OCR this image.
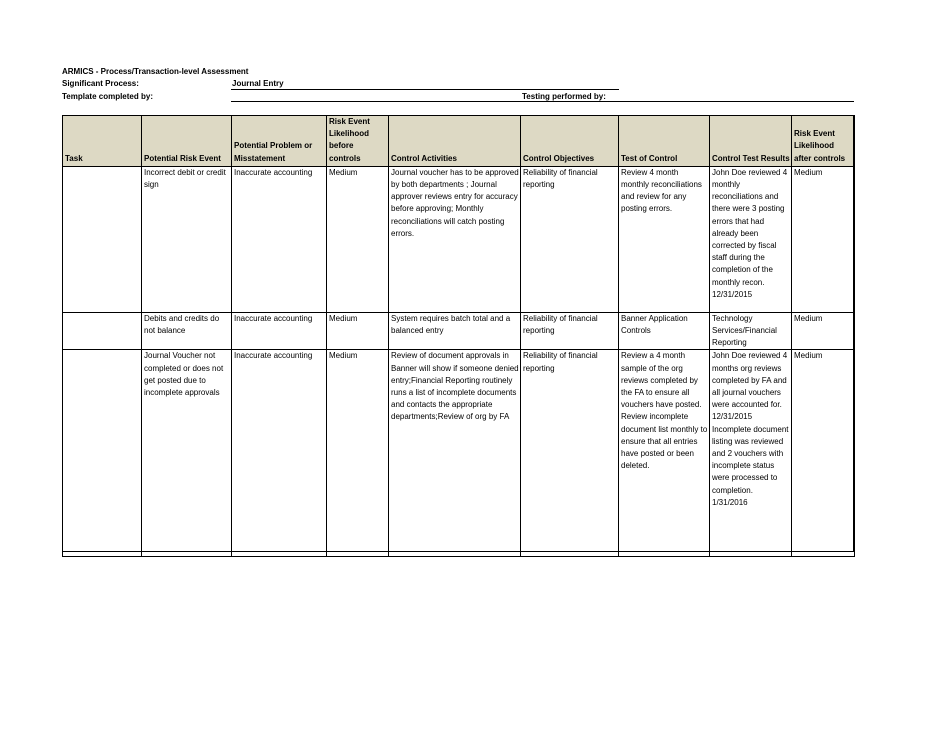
ARMICS - Process/Transaction-level Assessment
Significant Process:	Journal Entry
Template completed by:	Testing performed by:
Task	Potential Risk Event	Potential Problem or Misstatement	Risk Event Likelihood before controls	Control Activities	Control Objectives	Test of Control	Control Test Results	Risk Event Likelihood after controls
	Incorrect debit or credit sign	Inaccurate accounting	Medium	Journal voucher has to be approved by both departments ; Journal approver reviews entry for accuracy before approving; Monthly reconciliations will catch posting errors.	Reliability of financial reporting	Review 4 month monthly reconciliations and review for any posting errors.	John Doe reviewed 4 monthly reconciliations and there were 3 posting errors that had already been corrected by fiscal staff during the completion of the monthly recon. 12/31/2015	Medium
	Debits and credits do not balance	Inaccurate accounting	Medium	System requires batch total and a balanced entry	Reliability of financial reporting	Banner Application Controls	Technology Services/Financial Reporting	Medium
	Journal Voucher not completed or does not get posted due to incomplete approvals	Inaccurate accounting	Medium	Review of document approvals in Banner will show if someone denied entry;Financial Reporting routinely runs a list of incomplete documents and contacts the appropriate departments;Review of org by FA	Reliability of financial reporting	Review a 4 month sample of the org reviews completed by the FA to ensure all vouchers have posted. Review incomplete document list monthly to ensure that all entries have posted or been deleted.	John Doe reviewed 4 months org reviews completed by FA and all journal vouchers were accounted for. 12/31/2015 Incomplete document listing was reviewed and 2 vouchers with incomplete status were processed to completion. 1/31/2016	Medium
